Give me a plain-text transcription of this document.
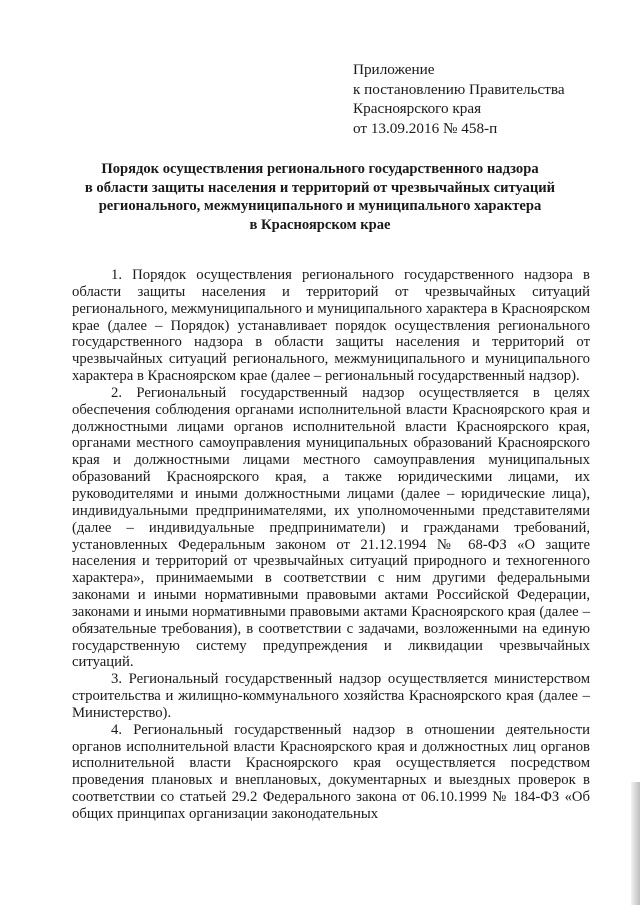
Приложение
к постановлению Правительства
Красноярского края
от 13.09.2016 № 458-п
Порядок осуществления регионального государственного надзора
в области защиты населения и территорий от чрезвычайных ситуаций
регионального, межмуниципального и муниципального характера
в Красноярском крае

1. Порядок осуществления регионального государственного надзора в области защиты населения и территорий от чрезвычайных ситуаций регионального, межмуниципального и муниципального характера в Красноярском крае (далее – Порядок) устанавливает порядок осуществления регионального государственного надзора в области защиты населения и территорий от чрезвычайных ситуаций регионального, межмуниципального и муниципального характера в Красноярском крае (далее – региональный государственный надзор).

2. Региональный государственный надзор осуществляется в целях обеспечения соблюдения органами исполнительной власти Красноярского края и должностными лицами органов исполнительной власти Красноярского края, органами местного самоуправления муниципальных образований Красноярского края и должностными лицами местного самоуправления муниципальных образований Красноярского края, а также юридическими лицами, их руководителями и иными должностными лицами (далее – юридические лица), индивидуальными предпринимателями, их уполномоченными представителями (далее – индивидуальные предприниматели) и гражданами требований, установленных Федеральным законом от 21.12.1994 № 68-ФЗ «О защите населения и территорий от чрезвычайных ситуаций природного и техногенного характера», принимаемыми в соответствии с ним другими федеральными законами и иными нормативными правовыми актами Российской Федерации, законами и иными нормативными правовыми актами Красноярского края (далее – обязательные требования), в соответствии с задачами, возложенными на единую государственную систему предупреждения и ликвидации чрезвычайных ситуаций.

3. Региональный государственный надзор осуществляется министерством строительства и жилищно-коммунального хозяйства Красноярского края (далее – Министерство).

4. Региональный государственный надзор в отношении деятельности органов исполнительной власти Красноярского края и должностных лиц органов исполнительной власти Красноярского края осуществляется посредством проведения плановых и внеплановых, документарных и выездных проверок в соответствии со статьей 29.2 Федерального закона от 06.10.1999 № 184-ФЗ «Об общих принципах организации законодательных
